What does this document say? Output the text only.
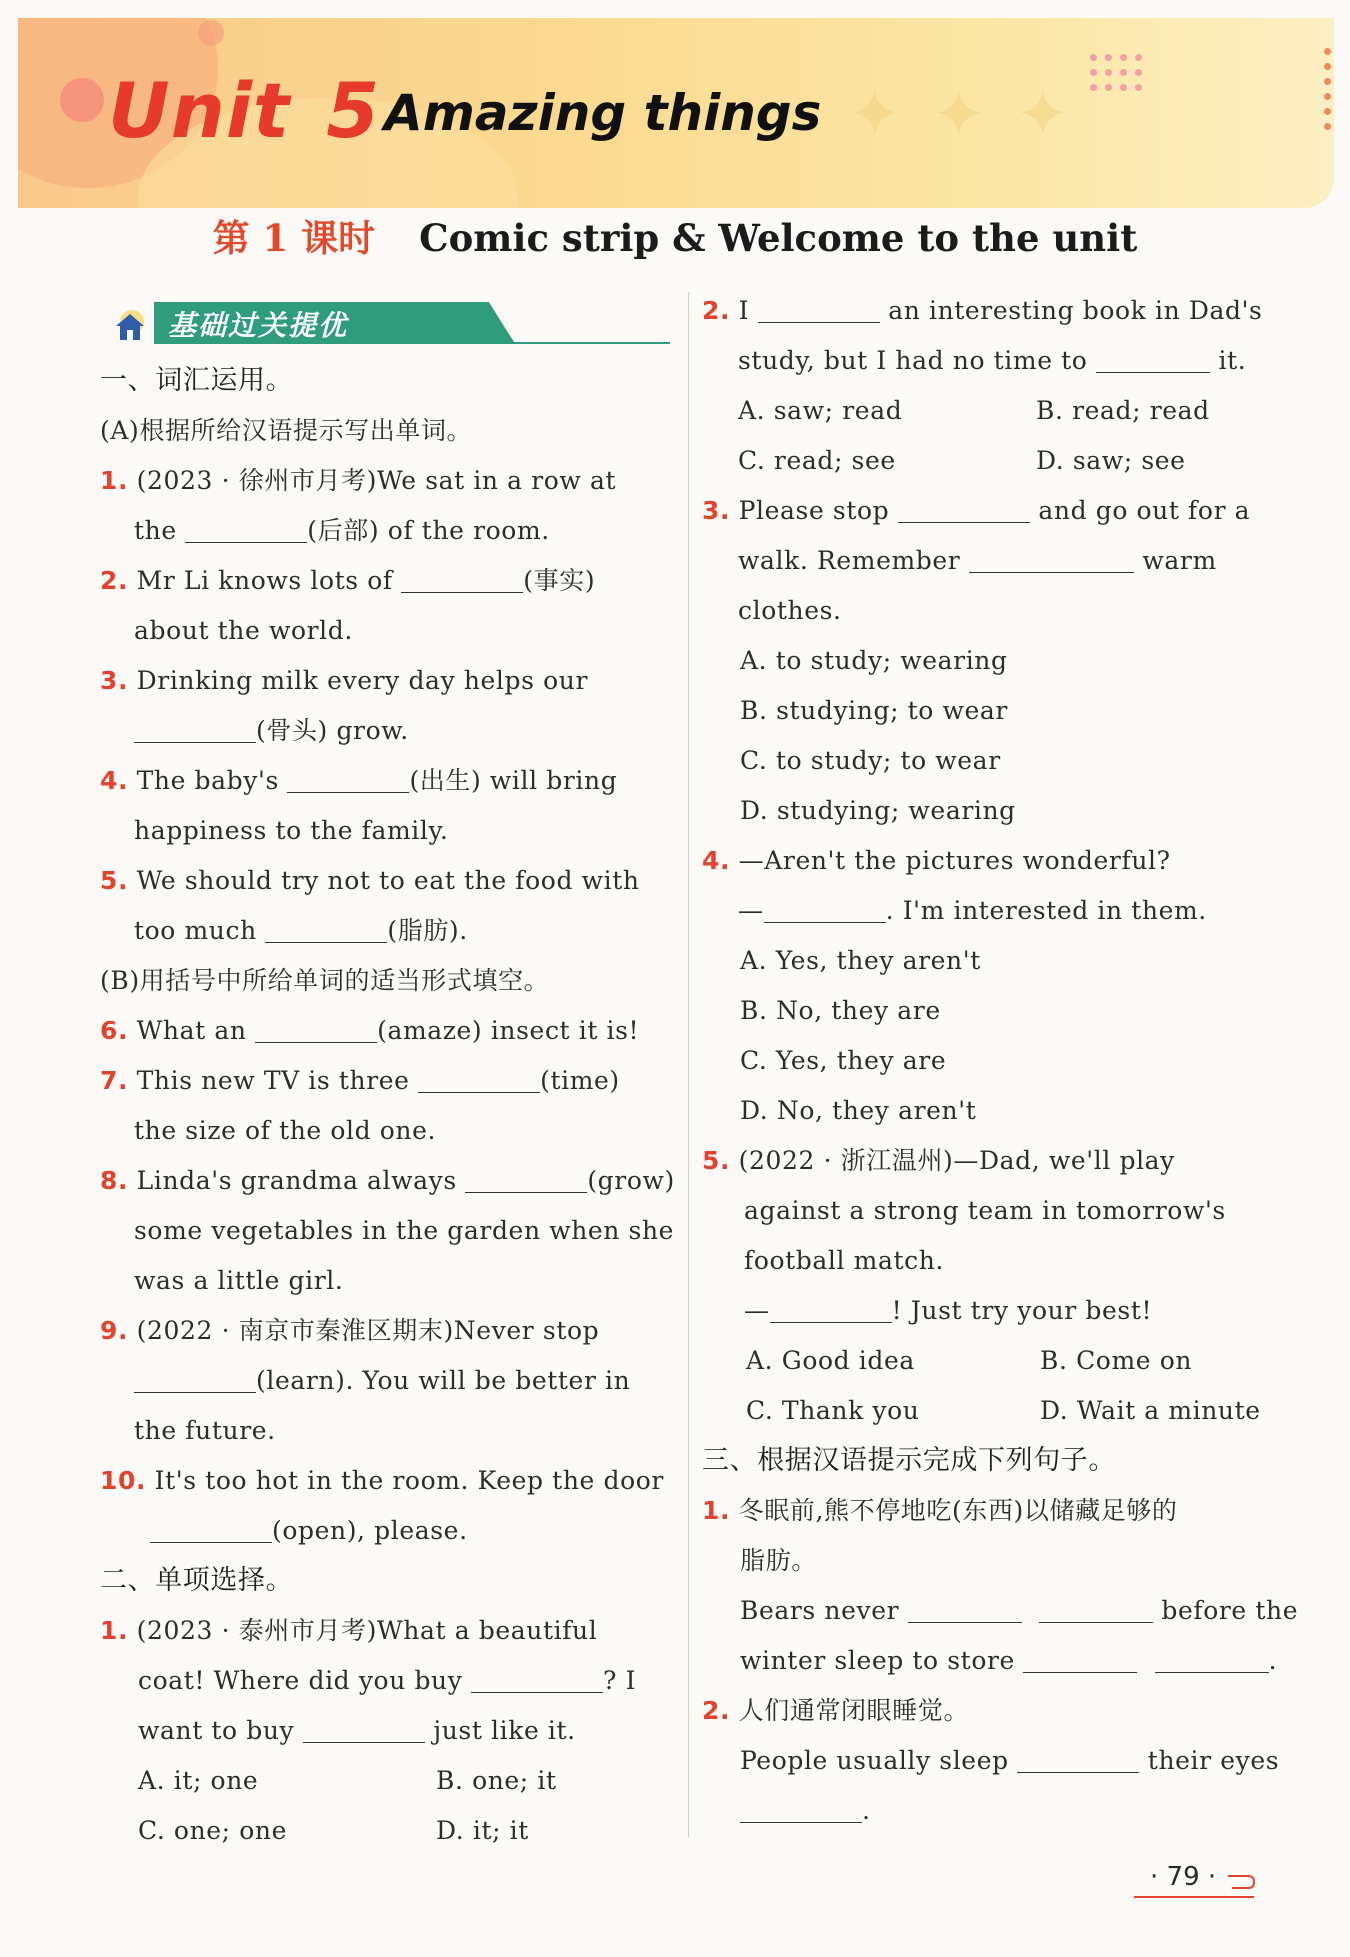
✦ ✦ ✦
Unit 5 Amazing things
第 1 课时 Comic strip & Welcome to the unit
基础过关提优
一、词汇运用。
(A)根据所给汉语提示写出单词。
1. (2023 · 徐州市月考)We sat in a row at
the	(后部) of the room.
2. Mr Li knows lots of	(事实)
about the world.
3. Drinking milk every day helps our
(骨头) grow.
4. The baby's	(出生) will bring
happiness to the family.
5. We should try not to eat the food with
too much	(脂肪).
(B)用括号中所给单词的适当形式填空。
6. What an	(amaze) insect it is!
7. This new TV is three	(time)
the size of the old one.
8. Linda's grandma always	(grow)
some vegetables in the garden when she
was a little girl.
9. (2022 · 南京市秦淮区期末)Never stop
(learn). You will be better in
the future.
10. It's too hot in the room. Keep the door
(open), please.
二、单项选择。
1. (2023 · 泰州市月考)What a beautiful
coat! Where did you buy	? I
want to buy	just like it.
A. it; one	B. one; it
C. one; one	D. it; it
2. I	an interesting book in Dad's
study, but I had no time to	it.
A. saw; read	B. read; read
C. read; see	D. saw; see
3. Please stop	and go out for a
walk. Remember	warm
clothes.
A. to study; wearing
B. studying; to wear
C. to study; to wear
D. studying; wearing
4. —Aren't the pictures wonderful?
—	. I'm interested in them.
A. Yes, they aren't
B. No, they are
C. Yes, they are
D. No, they aren't
5. (2022 · 浙江温州)—Dad, we'll play
against a strong team in tomorrow's
football match.
—	! Just try your best!
A. Good idea	B. Come on
C. Thank you	D. Wait a minute
三、根据汉语提示完成下列句子。
1. 冬眠前,熊不停地吃(东西)以储藏足够的
脂肪。
Bears never	before the
winter sleep to store	.
2. 人们通常闭眼睡觉。
People usually sleep	their eyes
.
· 79 ·
